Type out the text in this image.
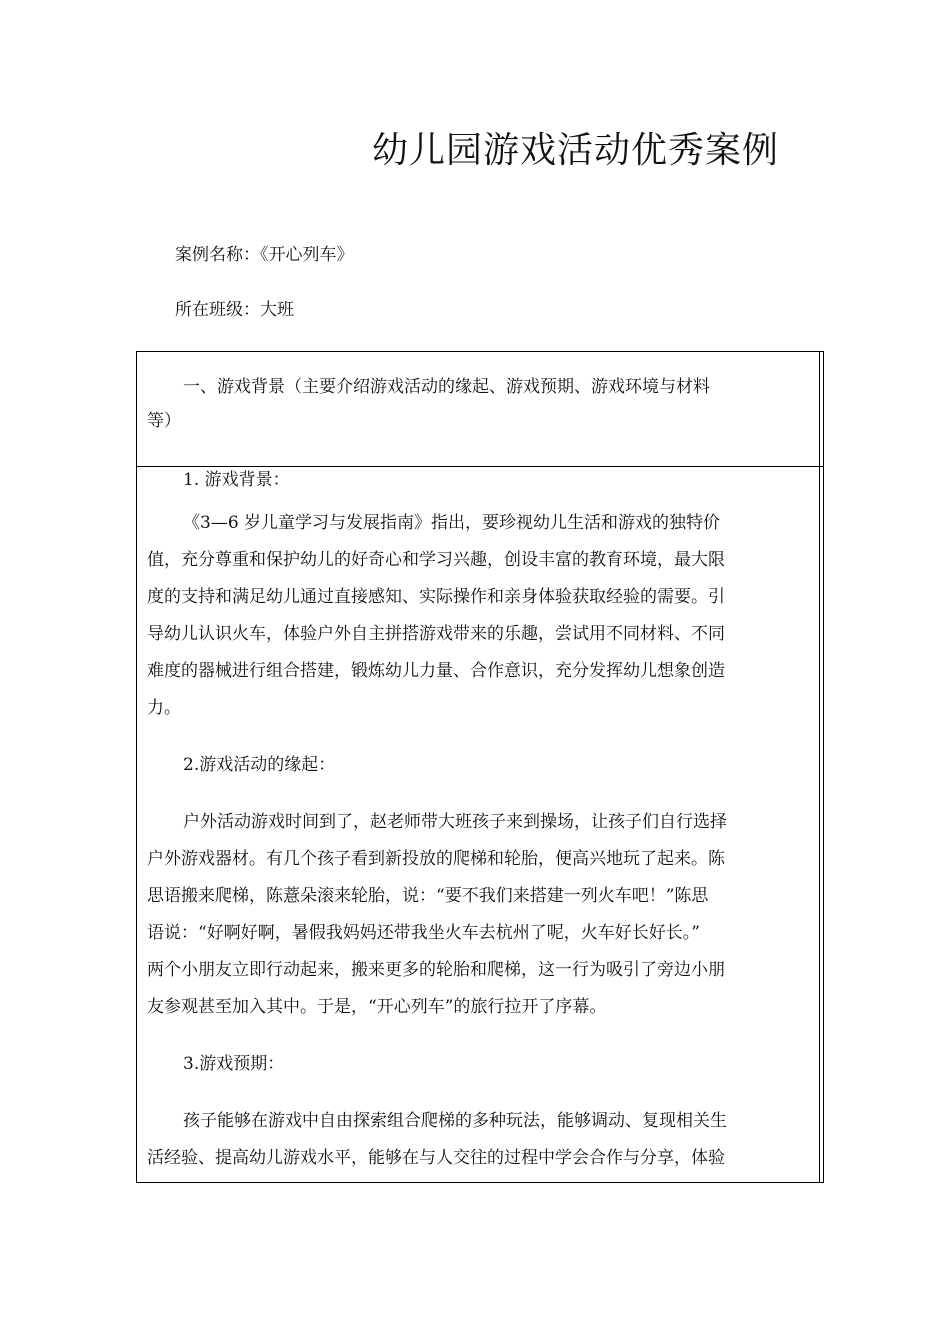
幼儿园游戏活动优秀案例
案例名称：《开心列车》
所在班级：大班
一、游戏背景（主要介绍游戏活动的缘起、游戏预期、游戏环境与材料
等）
1. 游戏背景：
《3—6 岁儿童学习与发展指南》指出，要珍视幼儿生活和游戏的独特价
值，充分尊重和保护幼儿的好奇心和学习兴趣，创设丰富的教育环境，最大限
度的支持和满足幼儿通过直接感知、实际操作和亲身体验获取经验的需要。引
导幼儿认识火车，体验户外自主拼搭游戏带来的乐趣，尝试用不同材料、不同
难度的器械进行组合搭建，锻炼幼儿力量、合作意识，充分发挥幼儿想象创造
力。
2.游戏活动的缘起：
户外活动游戏时间到了，赵老师带大班孩子来到操场，让孩子们自行选择
户外游戏器材。有几个孩子看到新投放的爬梯和轮胎，便高兴地玩了起来。陈
思语搬来爬梯，陈薏朵滚来轮胎，说：“要不我们来搭建一列火车吧！”陈思
语说：“好啊好啊，暑假我妈妈还带我坐火车去杭州了呢，火车好长好长。”
两个小朋友立即行动起来，搬来更多的轮胎和爬梯，这一行为吸引了旁边小朋
友参观甚至加入其中。于是，“开心列车”的旅行拉开了序幕。
3.游戏预期：
孩子能够在游戏中自由探索组合爬梯的多种玩法，能够调动、复现相关生
活经验、提高幼儿游戏水平，能够在与人交往的过程中学会合作与分享，体验
